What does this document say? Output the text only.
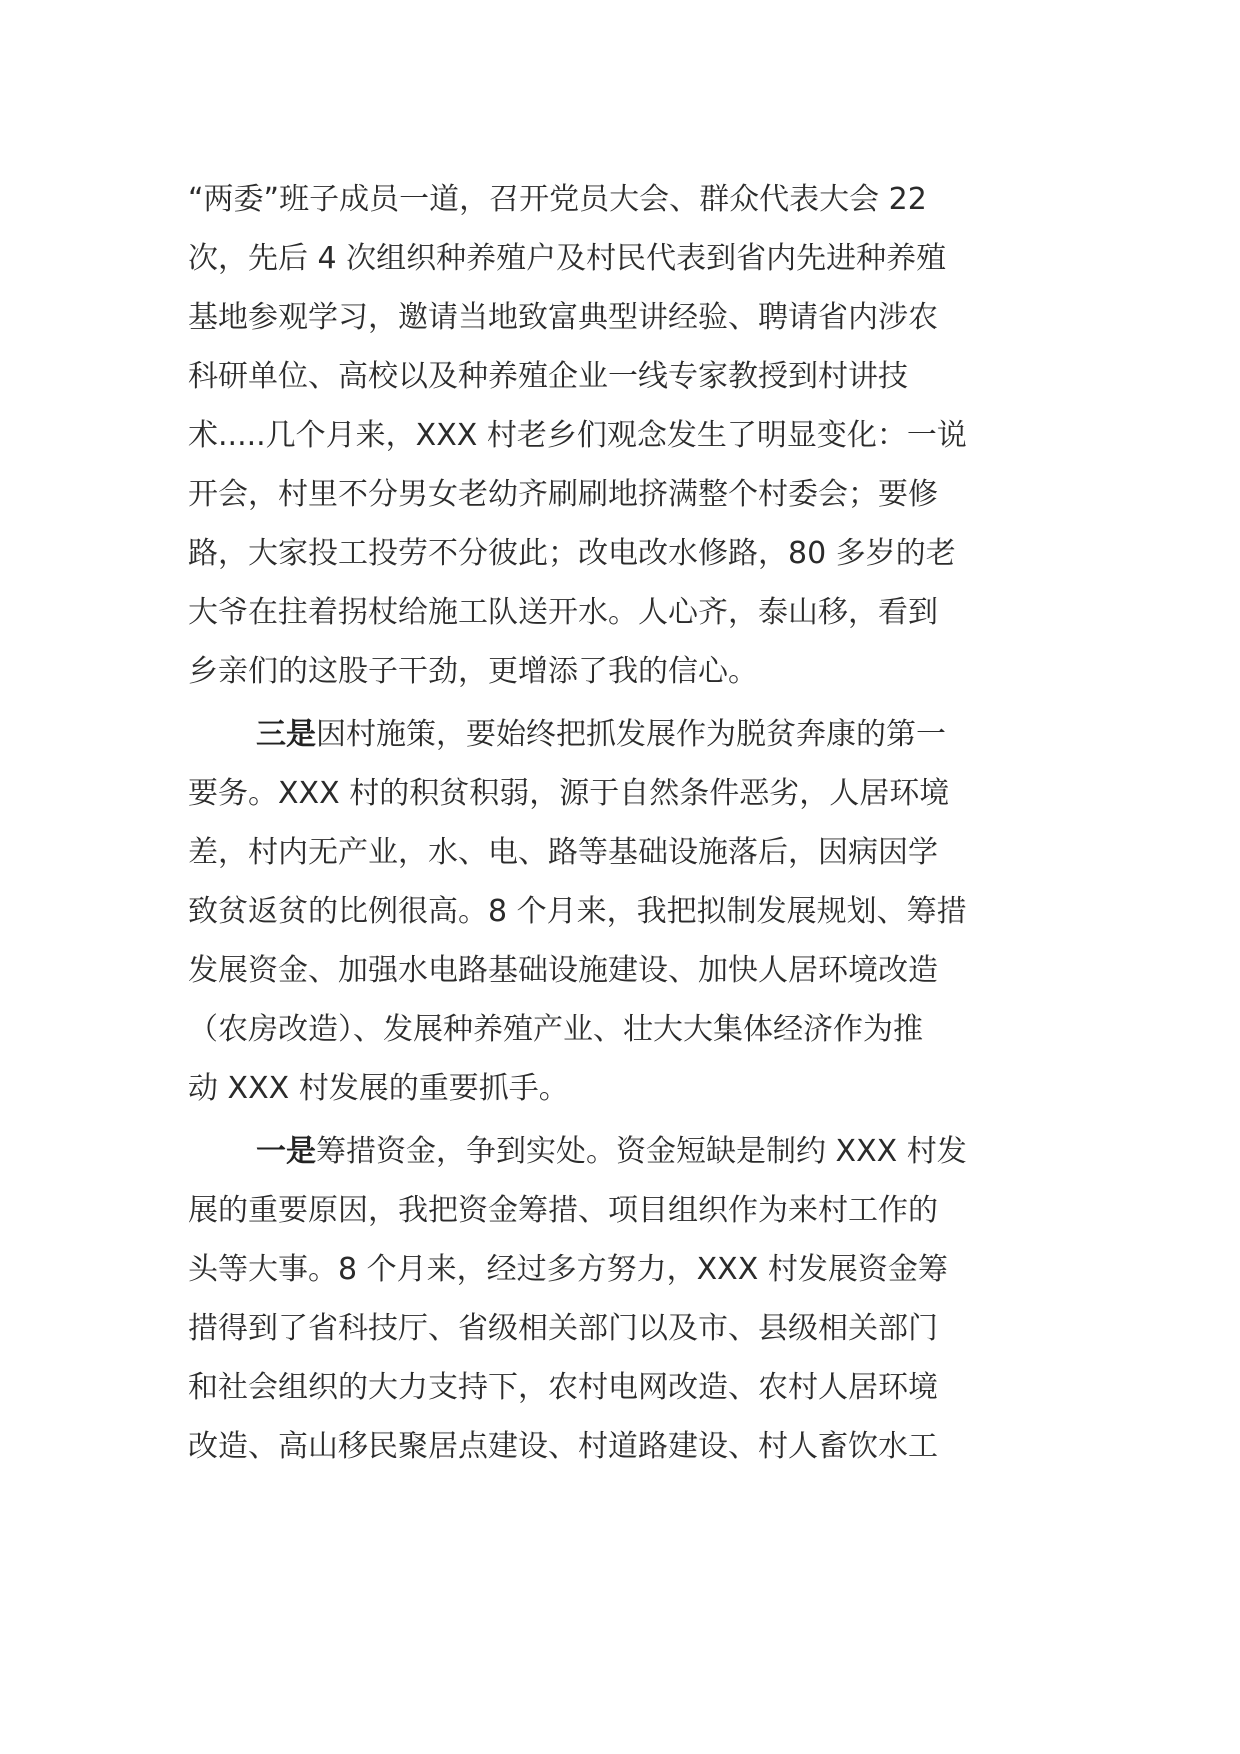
“两委”班子成员一道，召开党员大会、群众代表大会 22
次，先后 4 次组织种养殖户及村民代表到省内先进种养殖
基地参观学习，邀请当地致富典型讲经验、聘请省内涉农
科研单位、高校以及种养殖企业一线专家教授到村讲技
术.....几个月来，XXX 村老乡们观念发生了明显变化：一说
开会，村里不分男女老幼齐刷刷地挤满整个村委会；要修
路，大家投工投劳不分彼此；改电改水修路，80 多岁的老
大爷在拄着拐杖给施工队送开水。人心齐，泰山移，看到
乡亲们的这股子干劲，更增添了我的信心。
三是因村施策，要始终把抓发展作为脱贫奔康的第一
要务。XXX 村的积贫积弱，源于自然条件恶劣，人居环境
差，村内无产业，水、电、路等基础设施落后，因病因学
致贫返贫的比例很高。8 个月来，我把拟制发展规划、筹措
发展资金、加强水电路基础设施建设、加快人居环境改造
（农房改造）、发展种养殖产业、壮大大集体经济作为推
动 XXX 村发展的重要抓手。
一是筹措资金，争到实处。资金短缺是制约 XXX 村发
展的重要原因，我把资金筹措、项目组织作为来村工作的
头等大事。8 个月来，经过多方努力，XXX 村发展资金筹
措得到了省科技厅、省级相关部门以及市、县级相关部门
和社会组织的大力支持下，农村电网改造、农村人居环境
改造、高山移民聚居点建设、村道路建设、村人畜饮水工
